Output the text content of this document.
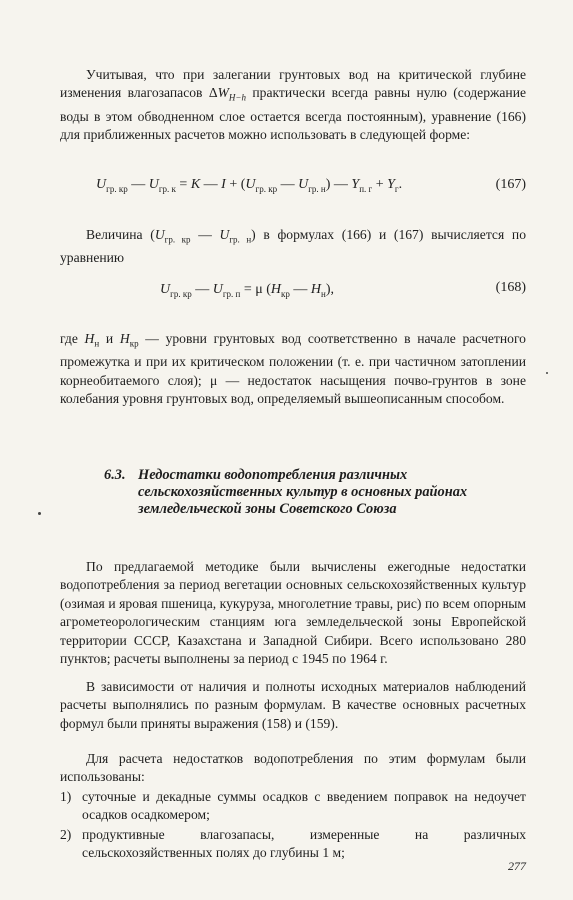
Учитывая, что при залегании грунтовых вод на критической глубине изменения влагозапасов $\Delta W_{H-h}$ практически всегда равны нулю (содержание воды в этом обводненном слое остается всегда постоянным), уравнение (166) для приближенных расчетов можно использовать в следующей форме:
$U_{гр. кр}$ — $U_{гр. к} = K$ — $I + (U_{гр. кр}$ — $U_{гр. н}$) — $Y_{п. г} + Y_г$.	(167)
Величина ($U_{гр. кр}$ — $U_{гр. н}$) в формулах (166) и (167) вычисляется по уравнению
$U_{гр. кр}$ — $U_{гр. п} = \mu$ ($H_{кр}$ — $H_н$),	(168)
где $H_н$ и $H_{кр}$ — уровни грунтовых вод соответственно в начале расчетного промежутка и при их критическом положении (т. е. при частичном затоплении корнеобитаемого слоя); μ — недостаток насыщения почво-грунтов в зоне колебания уровня грунтовых вод, определяемый вышеописанным способом.
6.3. Недостатки водопотребления различных сельскохозяйственных культур в основных районах земледельческой зоны Советского Союза
По предлагаемой методике были вычислены ежегодные недостатки водопотребления за период вегетации основных сельскохозяйственных культур (озимая и яровая пшеница, кукуруза, многолетние травы, рис) по всем опорным агрометеорологическим станциям юга земледельческой зоны Европейской территории СССР, Казахстана и Западной Сибири. Всего использовано 280 пунктов; расчеты выполнены за период с 1945 по 1964 г.
В зависимости от наличия и полноты исходных материалов наблюдений расчеты выполнялись по разным формулам. В качестве основных расчетных формул были приняты выражения (158) и (159).
Для расчета недостатков водопотребления по этим формулам были использованы:
1) суточные и декадные суммы осадков с введением поправок на недоучет осадков осадкомером;
2) продуктивные влагозапасы, измеренные на различных сельскохозяйственных полях до глубины 1 м;
277
